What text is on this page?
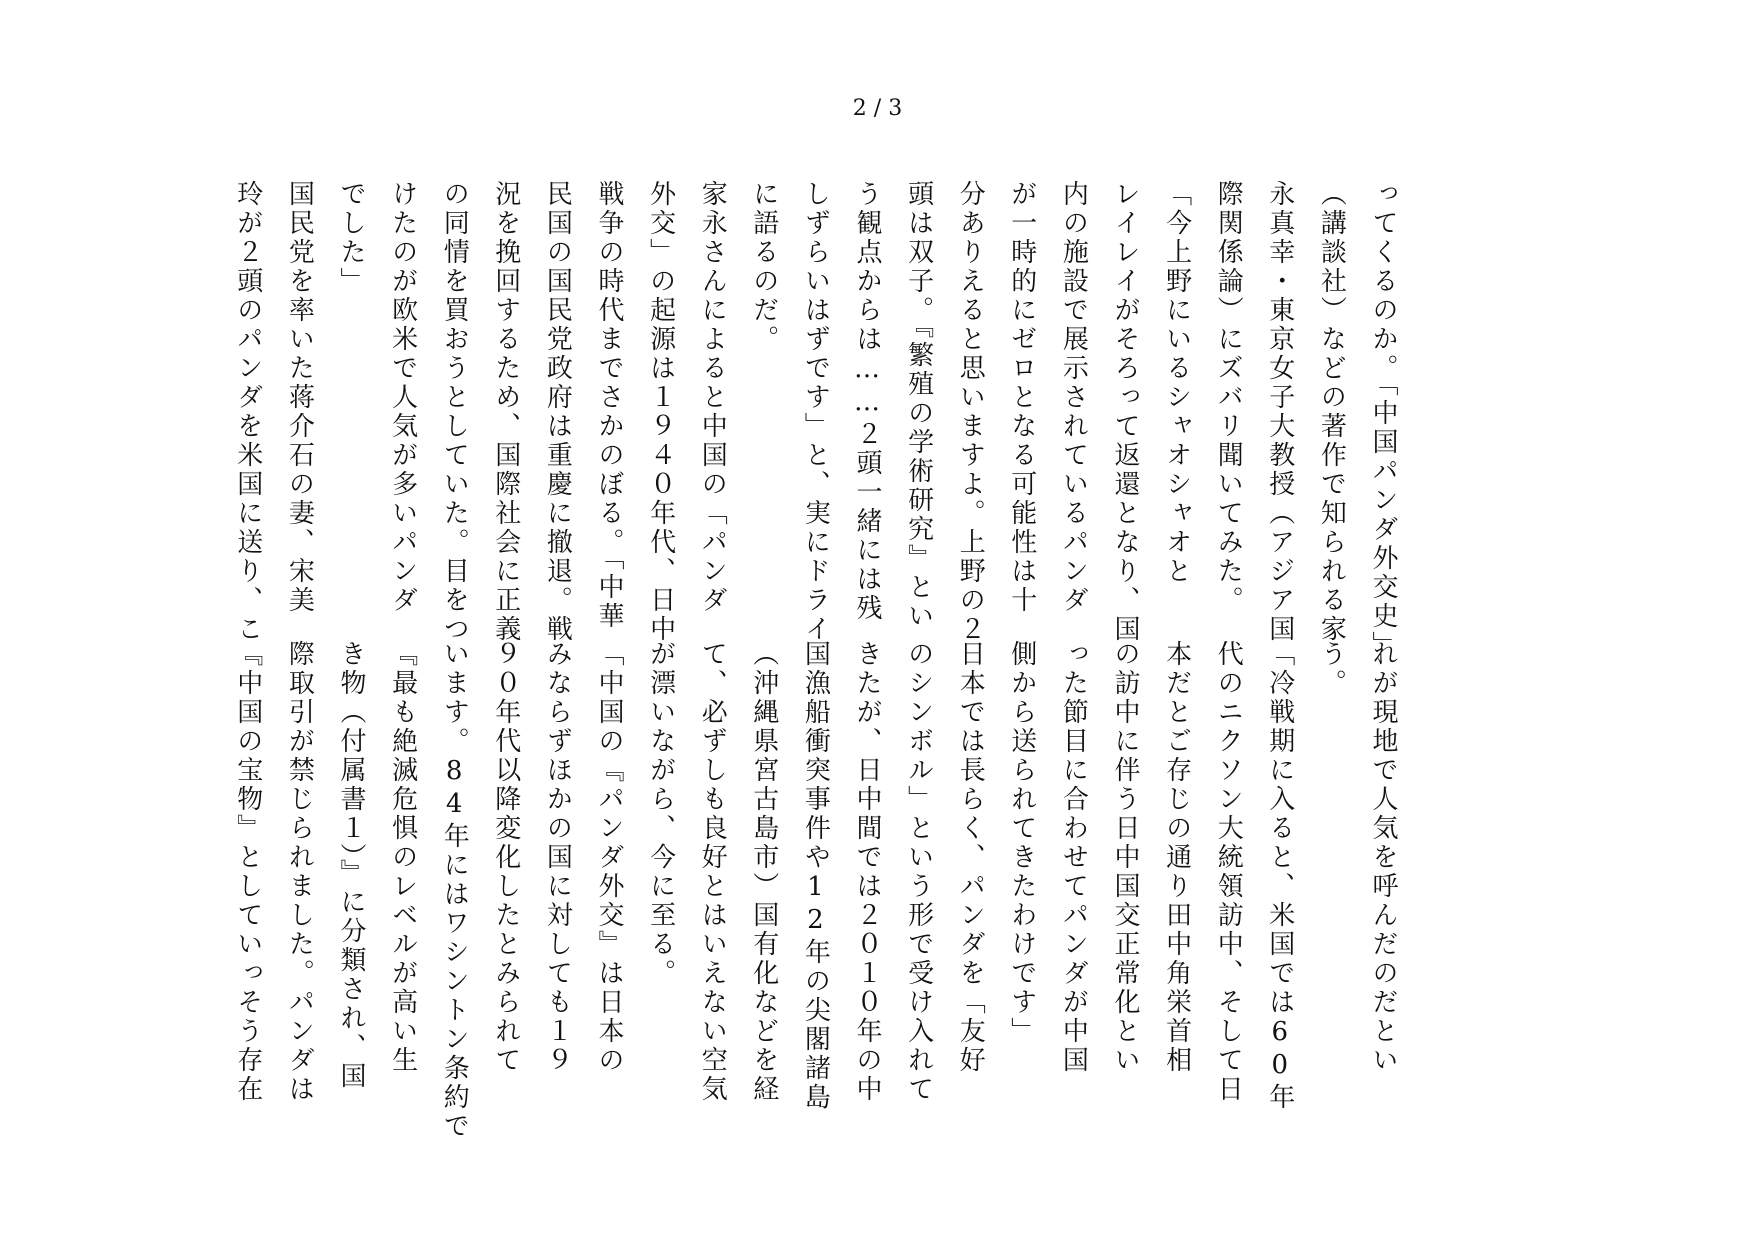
2 / 3
ってくるのか。「中国パンダ外交史」
（講談社）などの著作で知られる家
永真幸・東京女子大教授（アジア国
際関係論）にズバリ聞いてみた。
「今上野にいるシャオシャオと
レイレイがそろって返還となり、国
内の施設で展示されているパンダ
が一時的にゼロとなる可能性は十
分ありえると思いますよ。上野の２
頭は双子。『繁殖の学術研究』とい
う観点からは……２頭一緒には残
しずらいはずです」と、実にドライ
に語るのだ。
家永さんによると中国の「パンダ
外交」の起源は１９４０年代、日中
戦争の時代までさかのぼる。「中華
民国の国民党政府は重慶に撤退。戦
況を挽回するため、国際社会に正義
の同情を買おうとしていた。目をつ
けたのが欧米で人気が多いパンダ
でした」
国民党を率いた蒋介石の妻、宋美
玲が２頭のパンダを米国に送り、こ
れが現地で人気を呼んだのだとい
う。
「冷戦期に入ると、米国では60年
代のニクソン大統領訪中、そして日
本だとご存じの通り田中角栄首相
の訪中に伴う日中国交正常化とい
った節目に合わせてパンダが中国
側から送られてきたわけです」
日本では長らく、パンダを「友好
のシンボル」という形で受け入れて
きたが、日中間では２０１０年の中
国漁船衝突事件や12年の尖閣諸島
（沖縄県宮古島市）国有化などを経
て、必ずしも良好とはいえない空気
が漂いながら、今に至る。
「中国の『パンダ外交』は日本の
みならずほかの国に対しても１９
９０年代以降変化したとみられて
います。84年にはワシントン条約で
『最も絶滅危惧のレベルが高い生
き物（付属書１）』に分類され、国
際取引が禁じられました。パンダは
『中国の宝物』としていっそう存在
